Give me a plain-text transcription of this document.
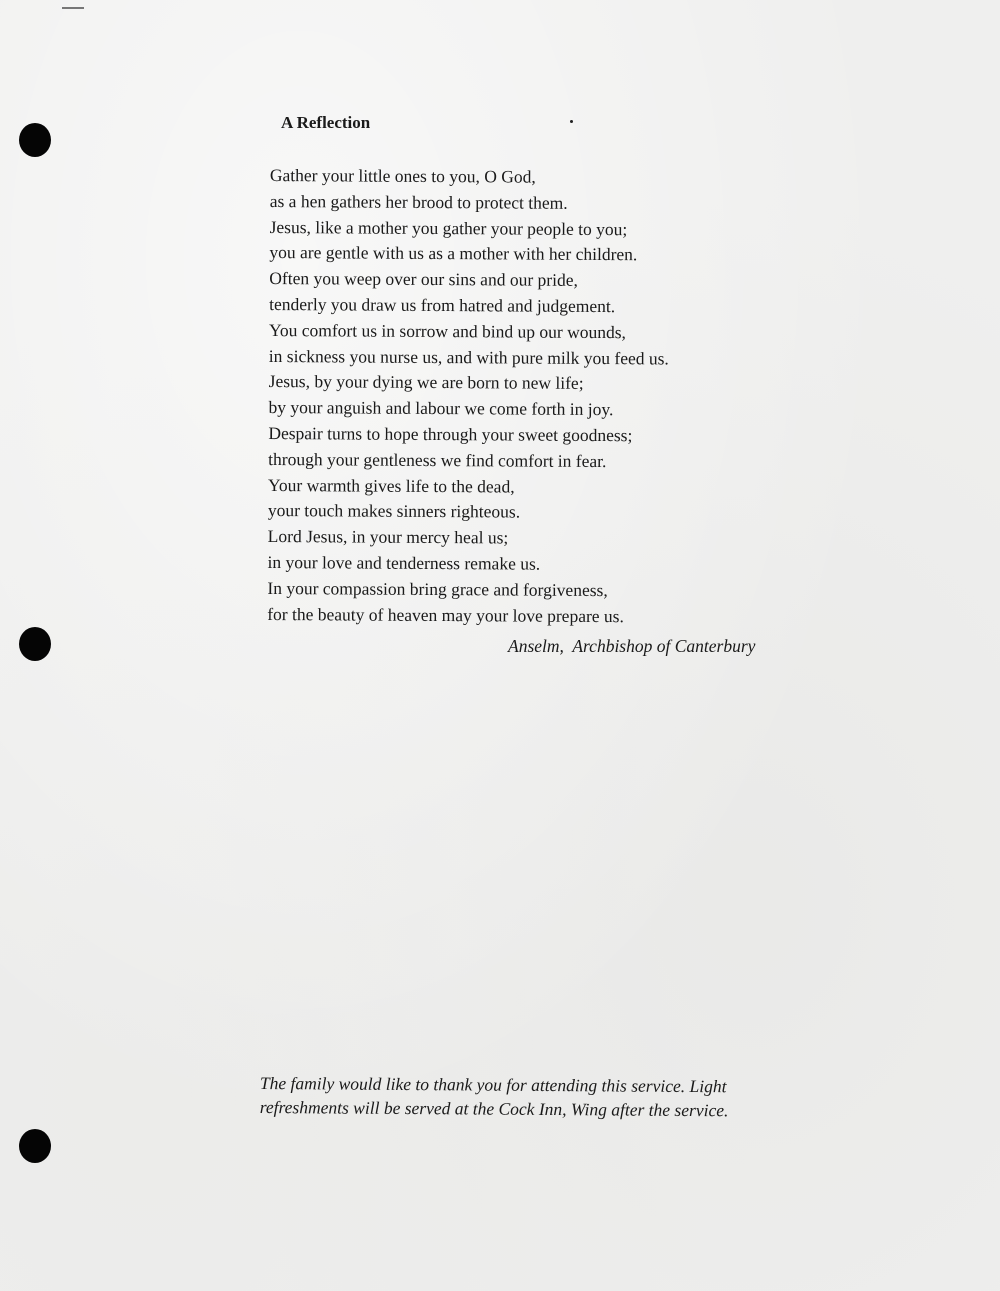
A Reflection
Gather your little ones to you, O God,
as a hen gathers her brood to protect them.
Jesus, like a mother you gather your people to you;
you are gentle with us as a mother with her children.
Often you weep over our sins and our pride,
tenderly you draw us from hatred and judgement.
You comfort us in sorrow and bind up our wounds,
in sickness you nurse us, and with pure milk you feed us.
Jesus, by your dying we are born to new life;
by your anguish and labour we come forth in joy.
Despair turns to hope through your sweet goodness;
through your gentleness we find comfort in fear.
Your warmth gives life to the dead,
your touch makes sinners righteous.
Lord Jesus, in your mercy heal us;
in your love and tenderness remake us.
In your compassion bring grace and forgiveness,
for the beauty of heaven may your love prepare us.

Anselm,  Archbishop of Canterbury

The family would like to thank you for attending this service. Light

refreshments will be served at the Cock Inn, Wing after the service.
